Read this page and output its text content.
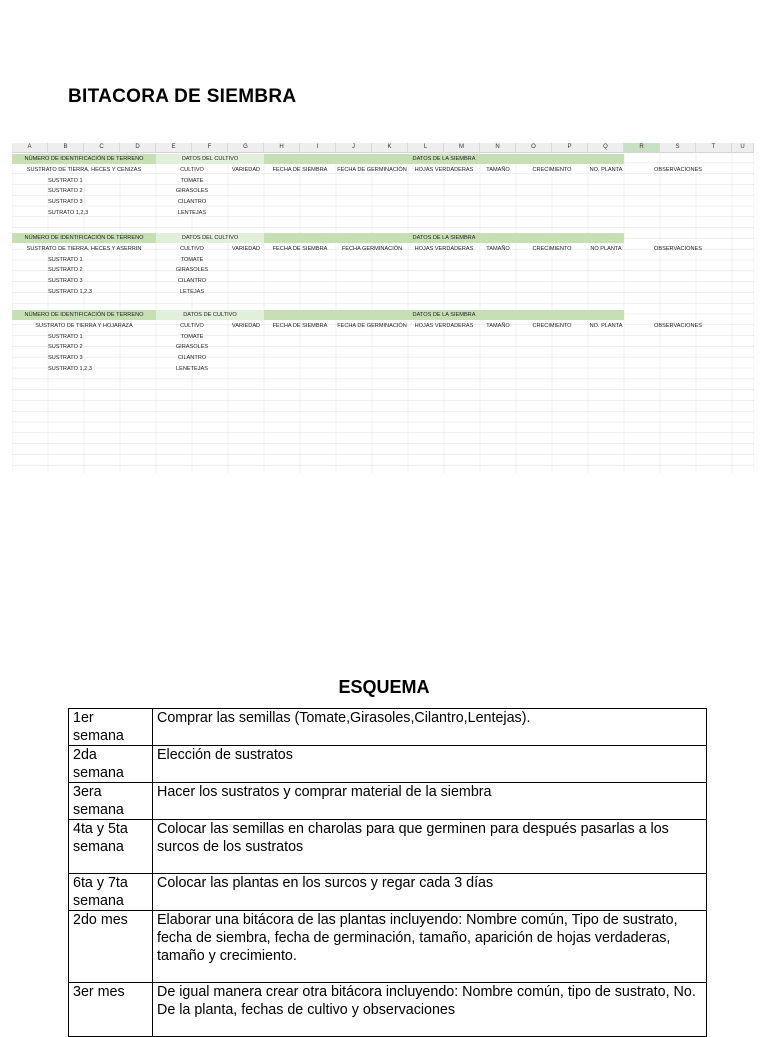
BITACORA DE SIEMBRA
A	B	C	D	E	F	G	H	I	J	K	L	M	N	O	P	Q	R	S	T	U
NÚMERO DE IDENTIFICACIÓN DE TERRENO	DATOS DEL CULTIVO	DATOS DE LA SIEMBRA
SUSTRATO DE TIERRA, HECES Y CENIZAS	CULTIVO	VARIEDAD	FECHA DE SIEMBRA	FECHA DE GERMINACIÓN	HOJAS VERDADERAS	TAMAÑO	CRECIMIENTO	NO. PLANTA	OBSERVACIONES
SUSTRATO 1	TOMATE
SUSTRATO 2	GIRASOLES
SUSTRATO 3	CILANTRO
SUTRATO 1,2,3	LENTEJAS
NÚMERO DE IDENTIFICACIÓN DE TERRENO	DATOS DEL CULTIVO	DATOS DE LA SIEMBRA
SUSTRATO DE TIERRA, HECES Y ASERRIN	CULTIVO	VARIEDAD	FECHA DE SIEMBRA	FECHA GERMINACIÓN	HOJAS VERDADERAS	TAMAÑO	CRECIMIENTO	NO PLANTA	OBSERVACIONES
SUSTRATO 1	TOMATE
SUSTRATO 2	GIRASOLES
SUSTRATO 3	CILANTRO
SUSTRATO 1,2,3	LETEJAS
NÚMERO DE IDENTIFICACIÓN DE TERRENO	DATOS DE CULTIVO	DATOS DE LA SIEMBRA
SUSTRATO DE TIERRA Y HOJARAZA	CULTIVO	VARIEDAD	FECHA DE SIEMBRA	FECHA DE GERMINACIÓN	HOJAS VERDADERAS	TAMAÑO	CRECIMIENTO	NO. PLANTA	OBSERVACIONES
SUSTRATO 1	TOMATE
SUSTRATO 2	GIRASOLES
SUSTRATO 3	CILANTRO
SUSTRATO 1,2,3	LENETEJAS
ESQUEMA
1er semana	Comprar las semillas (Tomate,Girasoles,Cilantro,Lentejas).
2da semana	Elección de sustratos
3era semana	Hacer los sustratos y comprar material de la siembra
4ta y 5ta semana	Colocar las semillas en charolas para que germinen para después pasarlas a los surcos de los sustratos
6ta y 7ta semana	Colocar las plantas en los surcos y regar cada 3 días
2do mes	Elaborar una bitácora de las plantas incluyendo: Nombre común, Tipo de sustrato, fecha de siembra, fecha de germinación, tamaño, aparición de hojas verdaderas, tamaño y crecimiento.
3er mes	De igual manera crear otra bitácora incluyendo: Nombre común, tipo de sustrato, No. De la planta, fechas de cultivo y observaciones
